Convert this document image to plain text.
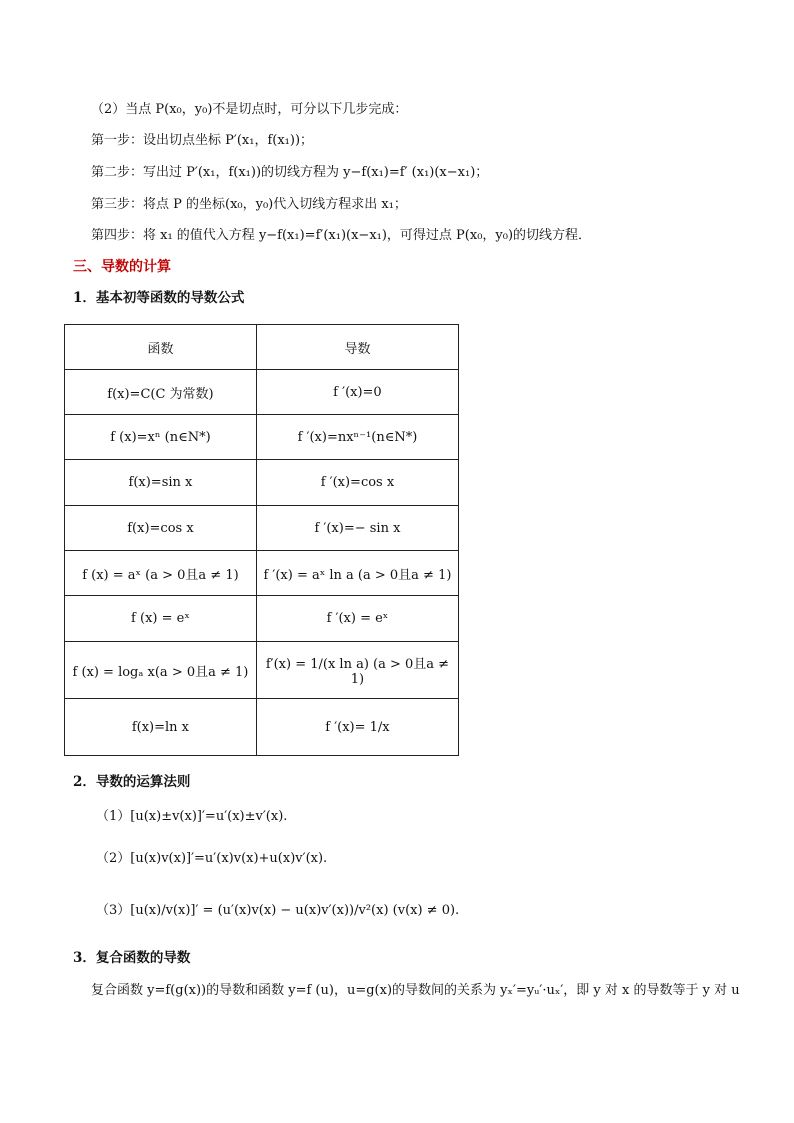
（2）当点 P(x₀，y₀)不是切点时，可分以下几步完成：
第一步：设出切点坐标 P′(x₁，f(x₁))；
第二步：写出过 P′(x₁，f(x₁))的切线方程为 y−f(x₁)=f′ (x₁)(x−x₁)；
第三步：将点 P 的坐标(x₀，y₀)代入切线方程求出 x₁；
第四步：将 x₁ 的值代入方程 y−f(x₁)=f′(x₁)(x−x₁)，可得过点 P(x₀，y₀)的切线方程．
三、导数的计算
1．基本初等函数的导数公式
函数	导数
f(x)=C(C 为常数)	f ′(x)=0
f (x)=xⁿ (n∈N*)	f ′(x)=nxⁿ⁻¹(n∈N*)
f(x)=sin x	f ′(x)=cos x
f(x)=cos x	f ′(x)=− sin x
f (x) = aˣ (a > 0且a ≠ 1)	f ′(x) = aˣ ln a (a > 0且a ≠ 1)
f (x) = eˣ	f ′(x) = eˣ
f (x) = logₐ x(a > 0且a ≠ 1)	f′(x) = 1/(x ln a) (a > 0且a ≠ 1)
f(x)=ln x	f ′(x)= 1/x
2．导数的运算法则
（1）[u(x)±v(x)]′=u′(x)±v′(x).
（2）[u(x)v(x)]′=u′(x)v(x)+u(x)v′(x).
（3）[u(x)/v(x)]′ = (u′(x)v(x) − u(x)v′(x))/v²(x) (v(x) ≠ 0).
3．复合函数的导数
复合函数 y=f(g(x))的导数和函数 y=f (u)，u=g(x)的导数间的关系为 yₓ′=yᵤ′·uₓ′，即 y 对 x 的导数等于 y 对 u
